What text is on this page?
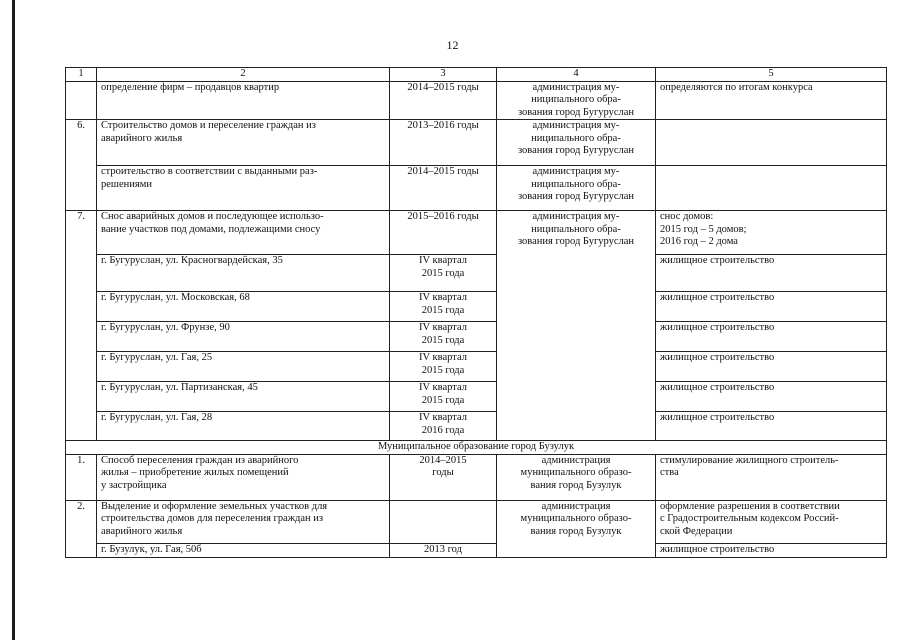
12
1	2	3	4	5
	определение фирм – продавцов квартир	2014–2015 годы	администрация му-
ниципального обра-
зования город Бугуруслан	определяются по итогам конкурса
6.	Строительство домов и переселение граждан из
аварийного жилья	2013–2016 годы	администрация му-
ниципального обра-
зования город Бугуруслан	
	строительство в соответствии с выданными раз-
решениями	2014–2015 годы	администрация му-
ниципального обра-
зования город Бугуруслан	
7.	Снос аварийных домов и последующее использо-
вание участков под домами, подлежащими сносу	2015–2016 годы	администрация му-
ниципального обра-
зования город Бугуруслан	снос домов:
2015 год – 5 домов;
2016 год – 2 дома
	г. Бугуруслан, ул. Красногвардейская, 35	IV квартал
2015 года		жилищное строительство
	г. Бугуруслан, ул. Московская, 68	IV квартал
2015 года		жилищное строительство
	г. Бугуруслан, ул. Фрунзе, 90	IV квартал
2015 года		жилищное строительство
	г. Бугуруслан, ул. Гая, 25	IV квартал
2015 года		жилищное строительство
	г. Бугуруслан, ул. Партизанская, 45	IV квартал
2015 года		жилищное строительство
	г. Бугуруслан, ул. Гая, 28	IV квартал
2016 года		жилищное строительство
Муниципальное образование город Бузулук				
1.	Способ переселения граждан из аварийного
жилья – приобретение жилых помещений
у застройщика	2014–2015
годы	администрация
муниципального образо-
вания город Бузулук	стимулирование жилищного строитель-
ства
2.	Выделение и оформление земельных участков для
строительства домов для переселения граждан из
аварийного жилья		администрация
муниципального образо-
вания город Бузулук	оформление разрешения в соответствии
с Градостроительным кодексом Россий-
ской Федерации
	г. Бузулук, ул. Гая, 50б	2013 год		жилищное строительство
